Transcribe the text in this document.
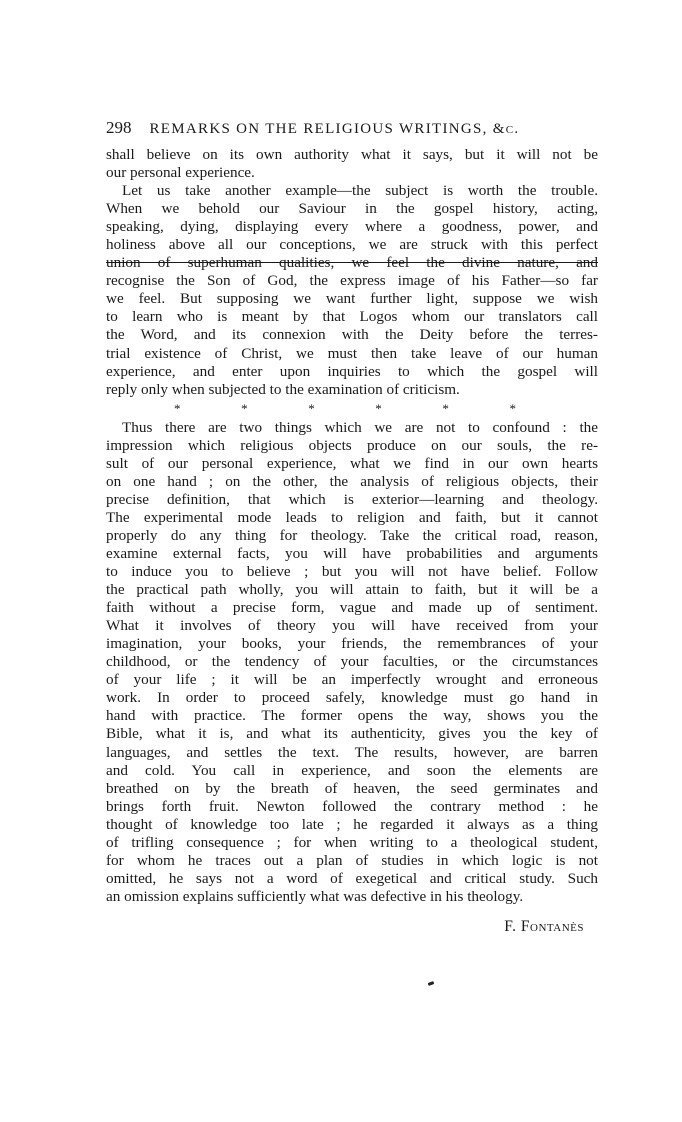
298 REMARKS ON THE RELIGIOUS WRITINGS, &c.

shall believe on its own authority what it says, but it will not be
our personal experience.

Let us take another example—the subject is worth the trouble.
When we behold our Saviour in the gospel history, acting,
speaking, dying, displaying every where a goodness, power, and
holiness above all our conceptions, we are struck with this perfect
union of superhuman qualities, we feel the divine nature, and
recognise the Son of God, the express image of his Father—so far
we feel. But supposing we want further light, suppose we wish
to learn who is meant by that Logos whom our translators call
the Word, and its connexion with the Deity before the terres-
trial existence of Christ, we must then take leave of our human
experience, and enter upon inquiries to which the gospel will
reply only when subjected to the examination of criticism.

*	*	*	*	*	*

Thus there are two things which we are not to confound : the
impression which religious objects produce on our souls, the re-
sult of our personal experience, what we find in our own hearts
on one hand ; on the other, the analysis of religious objects, their
precise definition, that which is exterior—learning and theology.
The experimental mode leads to religion and faith, but it cannot
properly do any thing for theology. Take the critical road, reason,
examine external facts, you will have probabilities and arguments
to induce you to believe ; but you will not have belief. Follow
the practical path wholly, you will attain to faith, but it will be a
faith without a precise form, vague and made up of sentiment.
What it involves of theory you will have received from your
imagination, your books, your friends, the remembrances of your
childhood, or the tendency of your faculties, or the circumstances
of your life ; it will be an imperfectly wrought and erroneous
work. In order to proceed safely, knowledge must go hand in
hand with practice. The former opens the way, shows you the
Bible, what it is, and what its authenticity, gives you the key of
languages, and settles the text. The results, however, are barren
and cold. You call in experience, and soon the elements are
breathed on by the breath of heaven, the seed germinates and
brings forth fruit. Newton followed the contrary method : he
thought of knowledge too late ; he regarded it always as a thing
of trifling consequence ; for when writing to a theological student,
for whom he traces out a plan of studies in which logic is not
omitted, he says not a word of exegetical and critical study. Such
an omission explains sufficiently what was defective in his theology.

F. Fontanès
